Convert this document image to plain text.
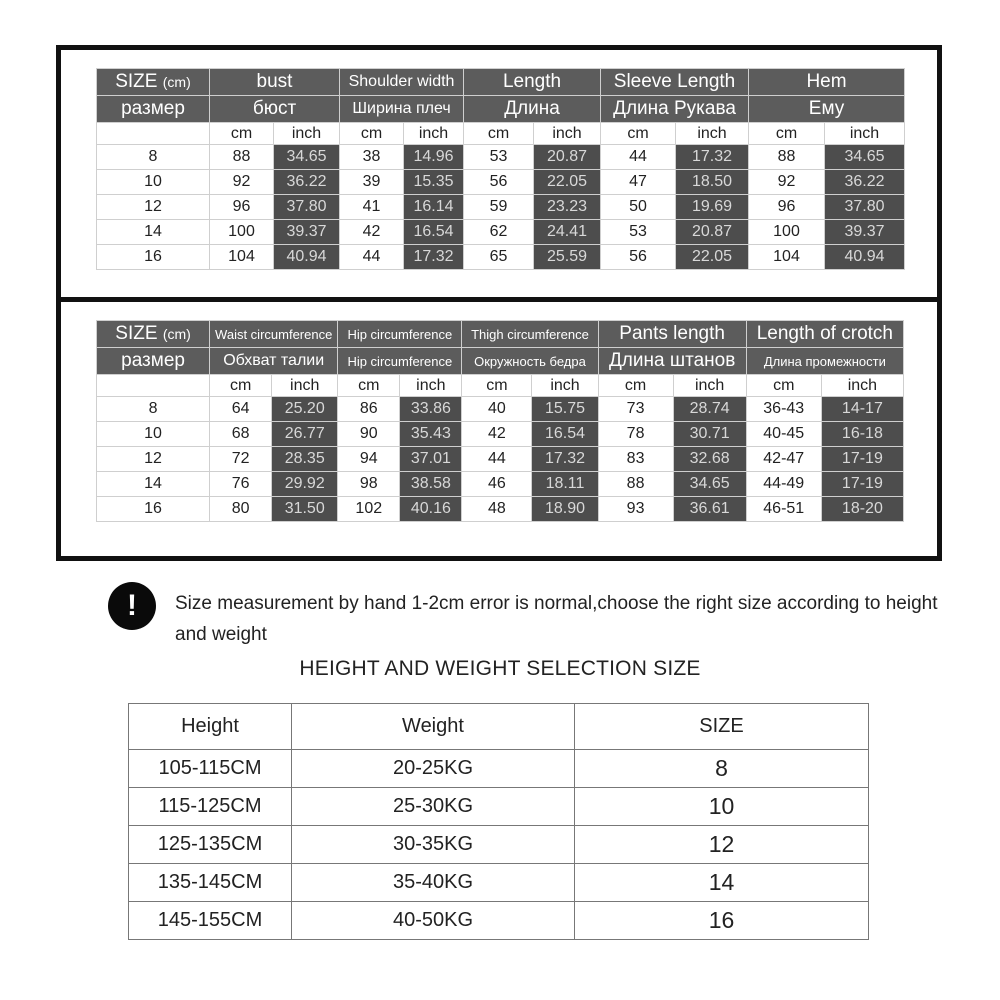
SIZE (cm)	bust		Shoulder width		Length		Sleeve Length		Hem	
размер	бюст		Ширина плеч		Длина		Длина Рукава		Ему	
	cm	inch	cm	inch	cm	inch	cm	inch	cm	inch
8	88	34.65	38	14.96	53	20.87	44	17.32	88	34.65
10	92	36.22	39	15.35	56	22.05	47	18.50	92	36.22
12	96	37.80	41	16.14	59	23.23	50	19.69	96	37.80
14	100	39.37	42	16.54	62	24.41	53	20.87	100	39.37
16	104	40.94	44	17.32	65	25.59	56	22.05	104	40.94
SIZE (cm)	Waist circumference		Hip circumference		Thigh circumference		Pants length		Length of crotch	
размер	Обхват талии		Hip circumference		Окружность бедра		Длина штанов		Длина промежности	
	cm	inch	cm	inch	cm	inch	cm	inch	cm	inch
8	64	25.20	86	33.86	40	15.75	73	28.74	36-43	14-17
10	68	26.77	90	35.43	42	16.54	78	30.71	40-45	16-18
12	72	28.35	94	37.01	44	17.32	83	32.68	42-47	17-19
14	76	29.92	98	38.58	46	18.11	88	34.65	44-49	17-19
16	80	31.50	102	40.16	48	18.90	93	36.61	46-51	18-20
!	Size measurement by hand 1-2cm error is normal,choose the right size according to height and weight
HEIGHT AND WEIGHT SELECTION SIZE
Height	Weight	SIZE
105-115CM	20-25KG	8
115-125CM	25-30KG	10
125-135CM	30-35KG	12
135-145CM	35-40KG	14
145-155CM	40-50KG	16
